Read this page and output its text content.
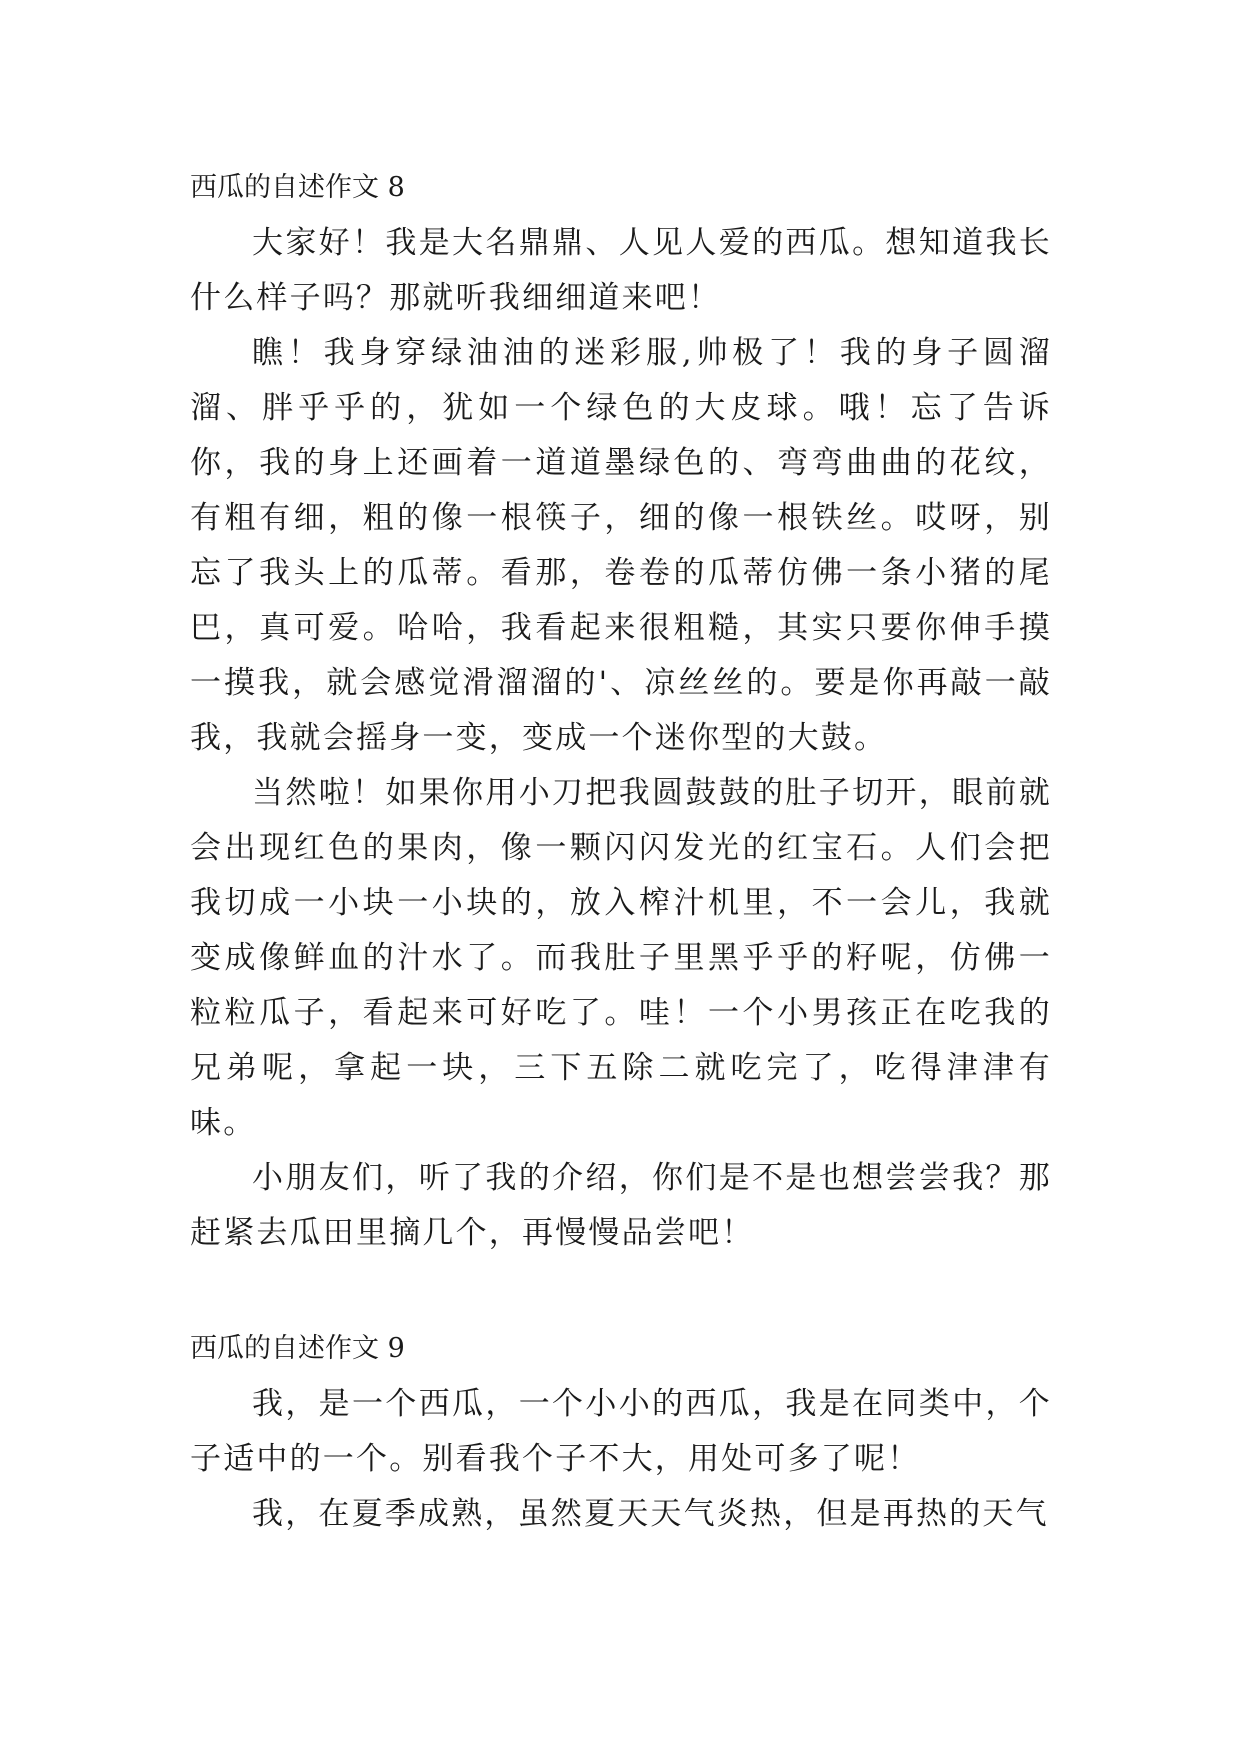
西瓜的自述作文 8

大家好！我是大名鼎鼎、人见人爱的西瓜。想知道我长什么样子吗？那就听我细细道来吧！

瞧！我身穿绿油油的迷彩服,帅极了！我的身子圆溜溜、胖乎乎的，犹如一个绿色的大皮球。哦！忘了告诉你，我的身上还画着一道道墨绿色的、弯弯曲曲的花纹，有粗有细，粗的像一根筷子，细的像一根铁丝。哎呀，别忘了我头上的瓜蒂。看那，卷卷的瓜蒂仿佛一条小猪的尾巴，真可爱。哈哈，我看起来很粗糙，其实只要你伸手摸一摸我，就会感觉滑溜溜的'、凉丝丝的。要是你再敲一敲我，我就会摇身一变，变成一个迷你型的大鼓。

当然啦！如果你用小刀把我圆鼓鼓的肚子切开，眼前就会出现红色的果肉，像一颗闪闪发光的红宝石。人们会把我切成一小块一小块的，放入榨汁机里，不一会儿，我就变成像鲜血的汁水了。而我肚子里黑乎乎的籽呢，仿佛一粒粒瓜子，看起来可好吃了。哇！一个小男孩正在吃我的兄弟呢，拿起一块，三下五除二就吃完了，吃得津津有味。

小朋友们，听了我的介绍，你们是不是也想尝尝我？那赶紧去瓜田里摘几个，再慢慢品尝吧！

西瓜的自述作文 9

我，是一个西瓜，一个小小的西瓜，我是在同类中，个子适中的一个。别看我个子不大，用处可多了呢！

我，在夏季成熟，虽然夏天天气炎热，但是再热的天气
